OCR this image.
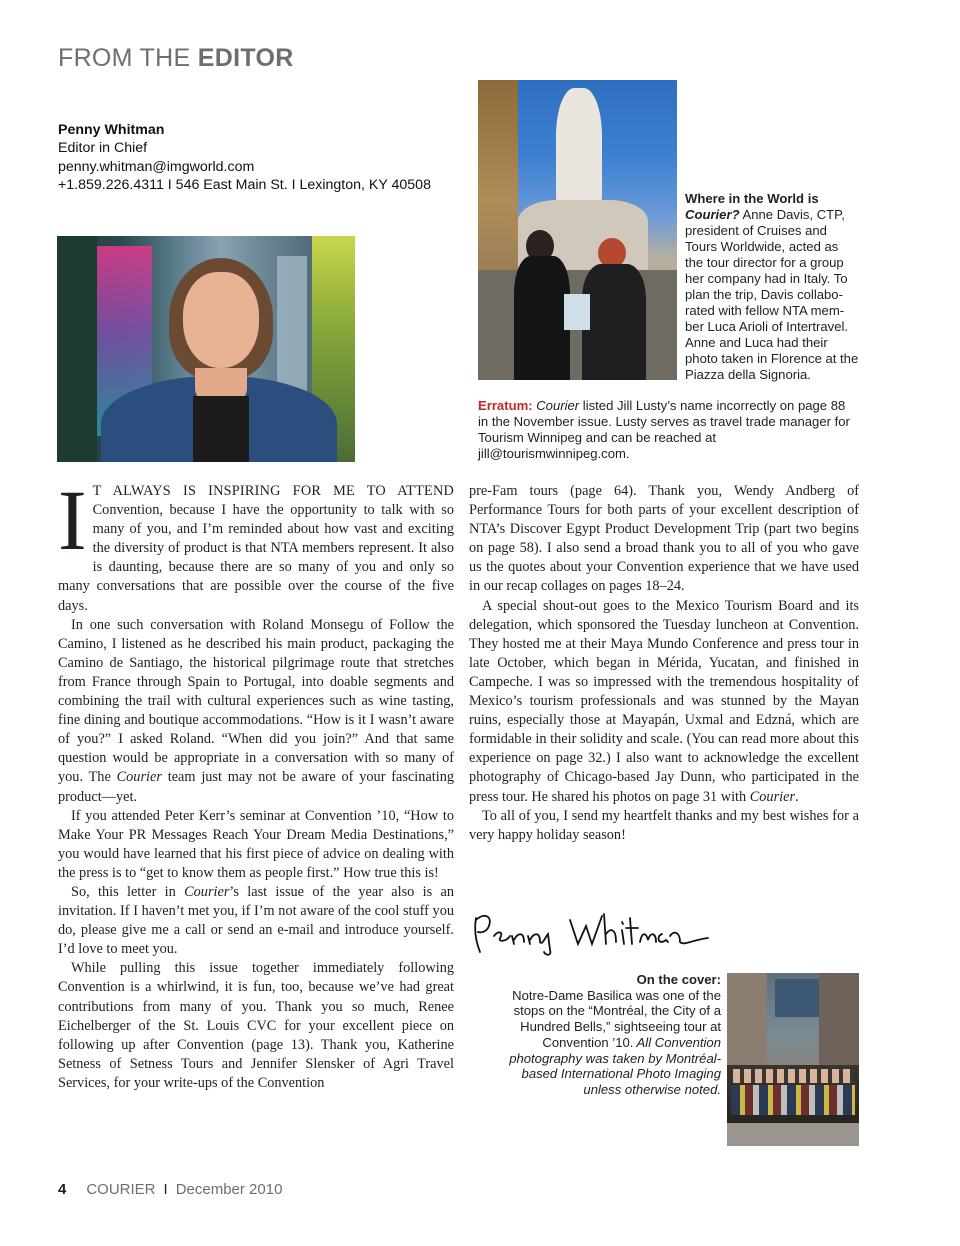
FROM THE EDITOR
Penny Whitman
Editor in Chief
penny.whitman@imgworld.com
+1.859.226.4311 I 546 East Main St. I Lexington, KY 40508
Where in the World is Courier? Anne Davis, CTP, president of Cruises and Tours Worldwide, acted as the tour director for a group her company had in Italy. To plan the trip, Davis collabo-rated with fellow NTA mem-ber Luca Arioli of Intertravel. Anne and Luca had their photo taken in Florence at the Piazza della Signoria.
Erratum: Courier listed Jill Lusty’s name incorrectly on page 88 in the November issue. Lusty serves as travel trade manager for Tourism Winnipeg and can be reached at jill@tourismwinnipeg.com.

I T ALWAYS IS INSPIRING FOR ME TO ATTEND Convention, because I have the opportunity to talk with so many of you, and I’m reminded about how vast and exciting the diversity of product is that NTA members represent. It also is daunting, because there are so many of you and only so many conversations that are possible over the course of the five days.

In one such conversation with Roland Monsegu of Follow the Camino, I listened as he described his main product, packaging the Camino de Santiago, the historical pilgrimage route that stretches from France through Spain to Portugal, into doable segments and combining the trail with cultural experiences such as wine tasting, fine dining and boutique accommodations. “How is it I wasn’t aware of you?” I asked Roland. “When did you join?” And that same question would be appropriate in a conversation with so many of you. The Courier team just may not be aware of your fascinating product—yet.

If you attended Peter Kerr’s seminar at Convention ’10, “How to Make Your PR Messages Reach Your Dream Media Destinations,” you would have learned that his first piece of advice on dealing with the press is to “get to know them as people first.” How true this is!

So, this letter in Courier’s last issue of the year also is an invitation. If I haven’t met you, if I’m not aware of the cool stuff you do, please give me a call or send an e-mail and introduce yourself. I’d love to meet you.

While pulling this issue together immediately following Convention is a whirlwind, it is fun, too, because we’ve had great contributions from many of you. Thank you so much, Renee Eichelberger of the St. Louis CVC for your excellent piece on following up after Convention (page 13). Thank you, Katherine Setness of Setness Tours and Jennifer Slensker of Agri Travel Services, for your write-ups of the Convention

pre-Fam tours (page 64). Thank you, Wendy Andberg of Performance Tours for both parts of your excellent description of NTA’s Discover Egypt Product Development Trip (part two begins on page 58). I also send a broad thank you to all of you who gave us the quotes about your Convention experience that we have used in our recap collages on pages 18–24.

A special shout-out goes to the Mexico Tourism Board and its delegation, which sponsored the Tuesday luncheon at Convention. They hosted me at their Maya Mundo Conference and press tour in late October, which began in Mérida, Yucatan, and finished in Campeche. I was so impressed with the tremendous hospitality of Mexico’s tourism professionals and was stunned by the Mayan ruins, especially those at Mayapán, Uxmal and Edzná, which are formidable in their solidity and scale. (You can read more about this experience on page 32.) I also want to acknowledge the excellent photography of Chicago-based Jay Dunn, who participated in the press tour. He shared his photos on page 31 with Courier.

To all of you, I send my heartfelt thanks and my best wishes for a very happy holiday season!

On the cover:
Notre-Dame Basilica was one of the stops on the “Montréal, the City of a Hundred Bells,” sightseeing tour at Convention ’10. All Convention photography was taken by Montréal-based International Photo Imaging unless otherwise noted.
4 COURIER I December 2010
